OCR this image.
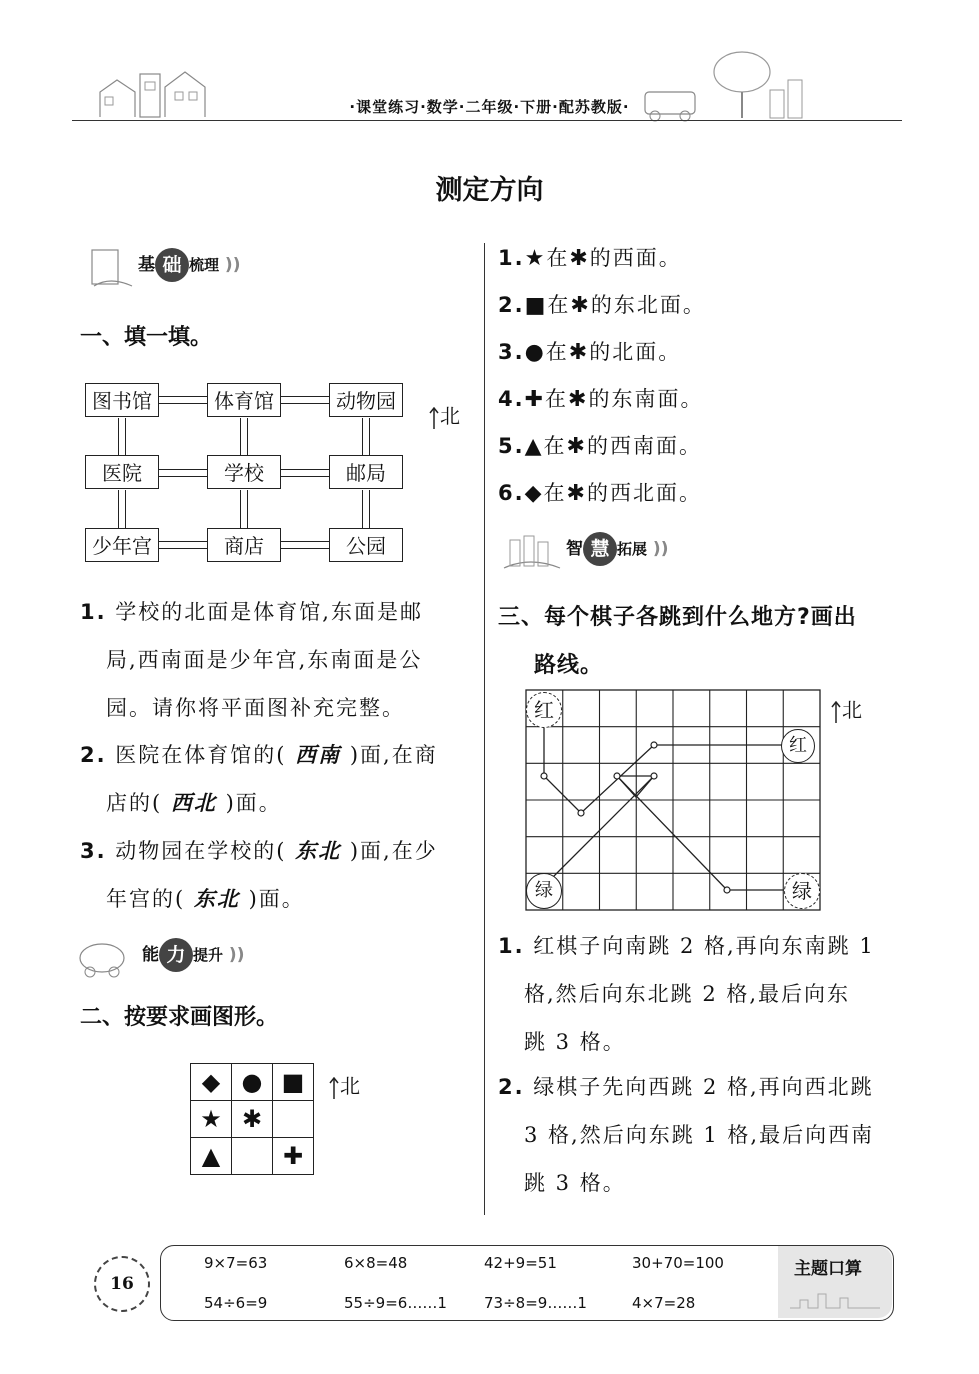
·课堂练习·数学·二年级·下册·配苏教版·
测定方向
基 础 梳理 ))
一、填一填。
图书馆	体育馆	动物园
医院	学校	邮局
少年宫	商店	公园
北
1. 学校的北面是体育馆,东面是邮
局,西南面是少年宫,东南面是公
园。请你将平面图补充完整。
2. 医院在体育馆的( 西南 )面,在商
店的( 西北 )面。
3. 动物园在学校的( 东北 )面,在少
年宫的( 东北 )面。
能 力 提升 ))
二、按要求画图形。
◆	●	■
★	✱	
▲		✚
北
1.★在✱的西面。
2.■在✱的东北面。
3.●在✱的北面。
4.✚在✱的东南面。
5.▲在✱的西南面。
6.◆在✱的西北面。
智 慧 拓展 ))
三、每个棋子各跳到什么地方?画出
路线。
红
红
绿	绿
北
1. 红棋子向南跳 2 格,再向东南跳 1
格,然后向东北跳 2 格,最后向东
跳 3 格。
2. 绿棋子先向西跳 2 格,再向西北跳
3 格,然后向东跳 1 格,最后向西南
跳 3 格。
16
主题口算
9×7=63	6×8=48	42+9=51	30+70=100
54÷6=9	55÷9=6……1 73÷8=9……1	4×7=28
